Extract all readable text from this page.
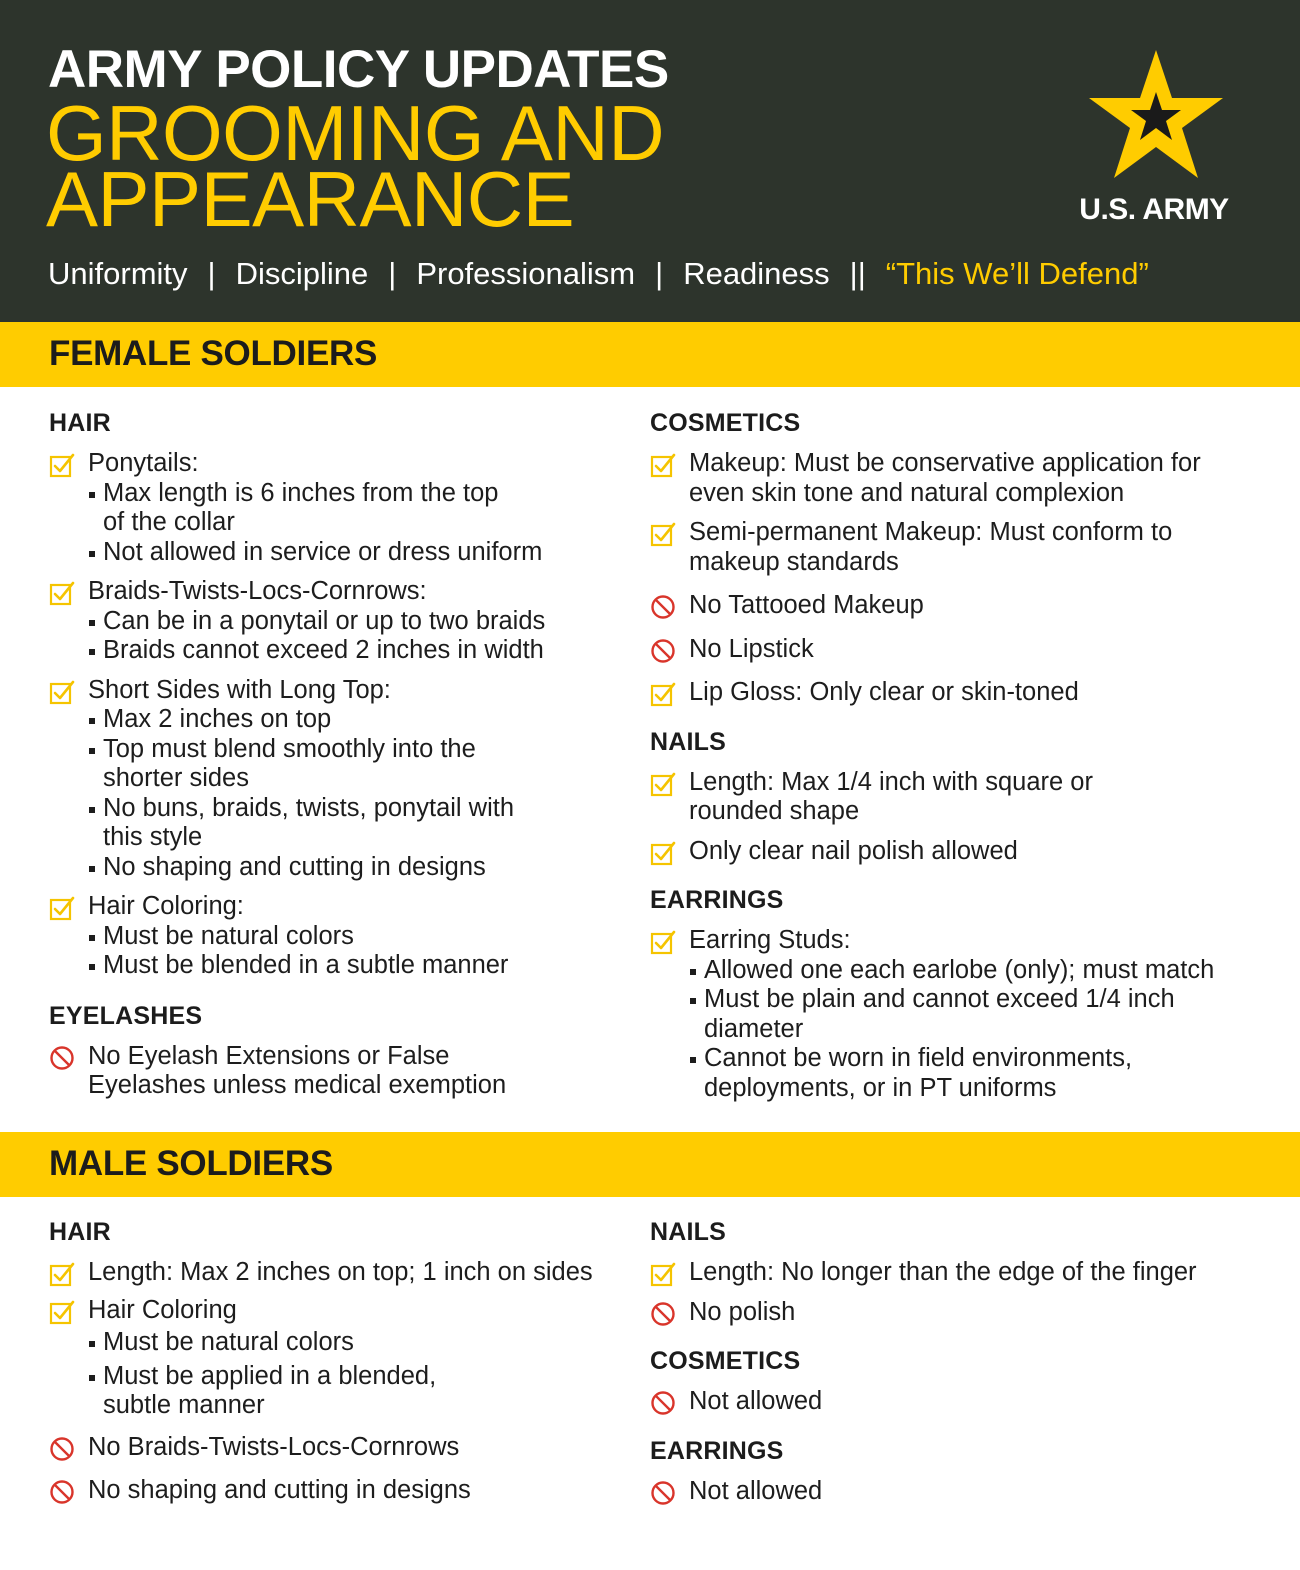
ARMY POLICY UPDATES
GROOMING AND
APPEARANCE	U.S. ARMY
Uniformity | Discipline | Professionalism | Readiness || “This We’ll Defend”
FEMALE SOLDIERS
HAIR
Ponytails:
Max length is 6 inches from the top
of the collar
Not allowed in service or dress uniform
Braids-Twists-Locs-Cornrows:
Can be in a ponytail or up to two braids
Braids cannot exceed 2 inches in width
Short Sides with Long Top:
Max 2 inches on top
Top must blend smoothly into the
shorter sides
No buns, braids, twists, ponytail with
this style
No shaping and cutting in designs
Hair Coloring:
Must be natural colors
Must be blended in a subtle manner
EYELASHES
No Eyelash Extensions or False
Eyelashes unless medical exemption
COSMETICS
Makeup: Must be conservative application for
even skin tone and natural complexion
Semi-permanent Makeup: Must conform to
makeup standards
No Tattooed Makeup
No Lipstick
Lip Gloss: Only clear or skin-toned
NAILS
Length: Max 1/4 inch with square or
rounded shape
Only clear nail polish allowed
EARRINGS
Earring Studs:
Allowed one each earlobe (only); must match
Must be plain and cannot exceed 1/4 inch
diameter
Cannot be worn in field environments,
deployments, or in PT uniforms
MALE SOLDIERS
HAIR
Length: Max 2 inches on top; 1 inch on sides
Hair Coloring
Must be natural colors
Must be applied in a blended,
subtle manner
No Braids-Twists-Locs-Cornrows
No shaping and cutting in designs
NAILS
Length: No longer than the edge of the finger
No polish
COSMETICS
Not allowed
EARRINGS
Not allowed
